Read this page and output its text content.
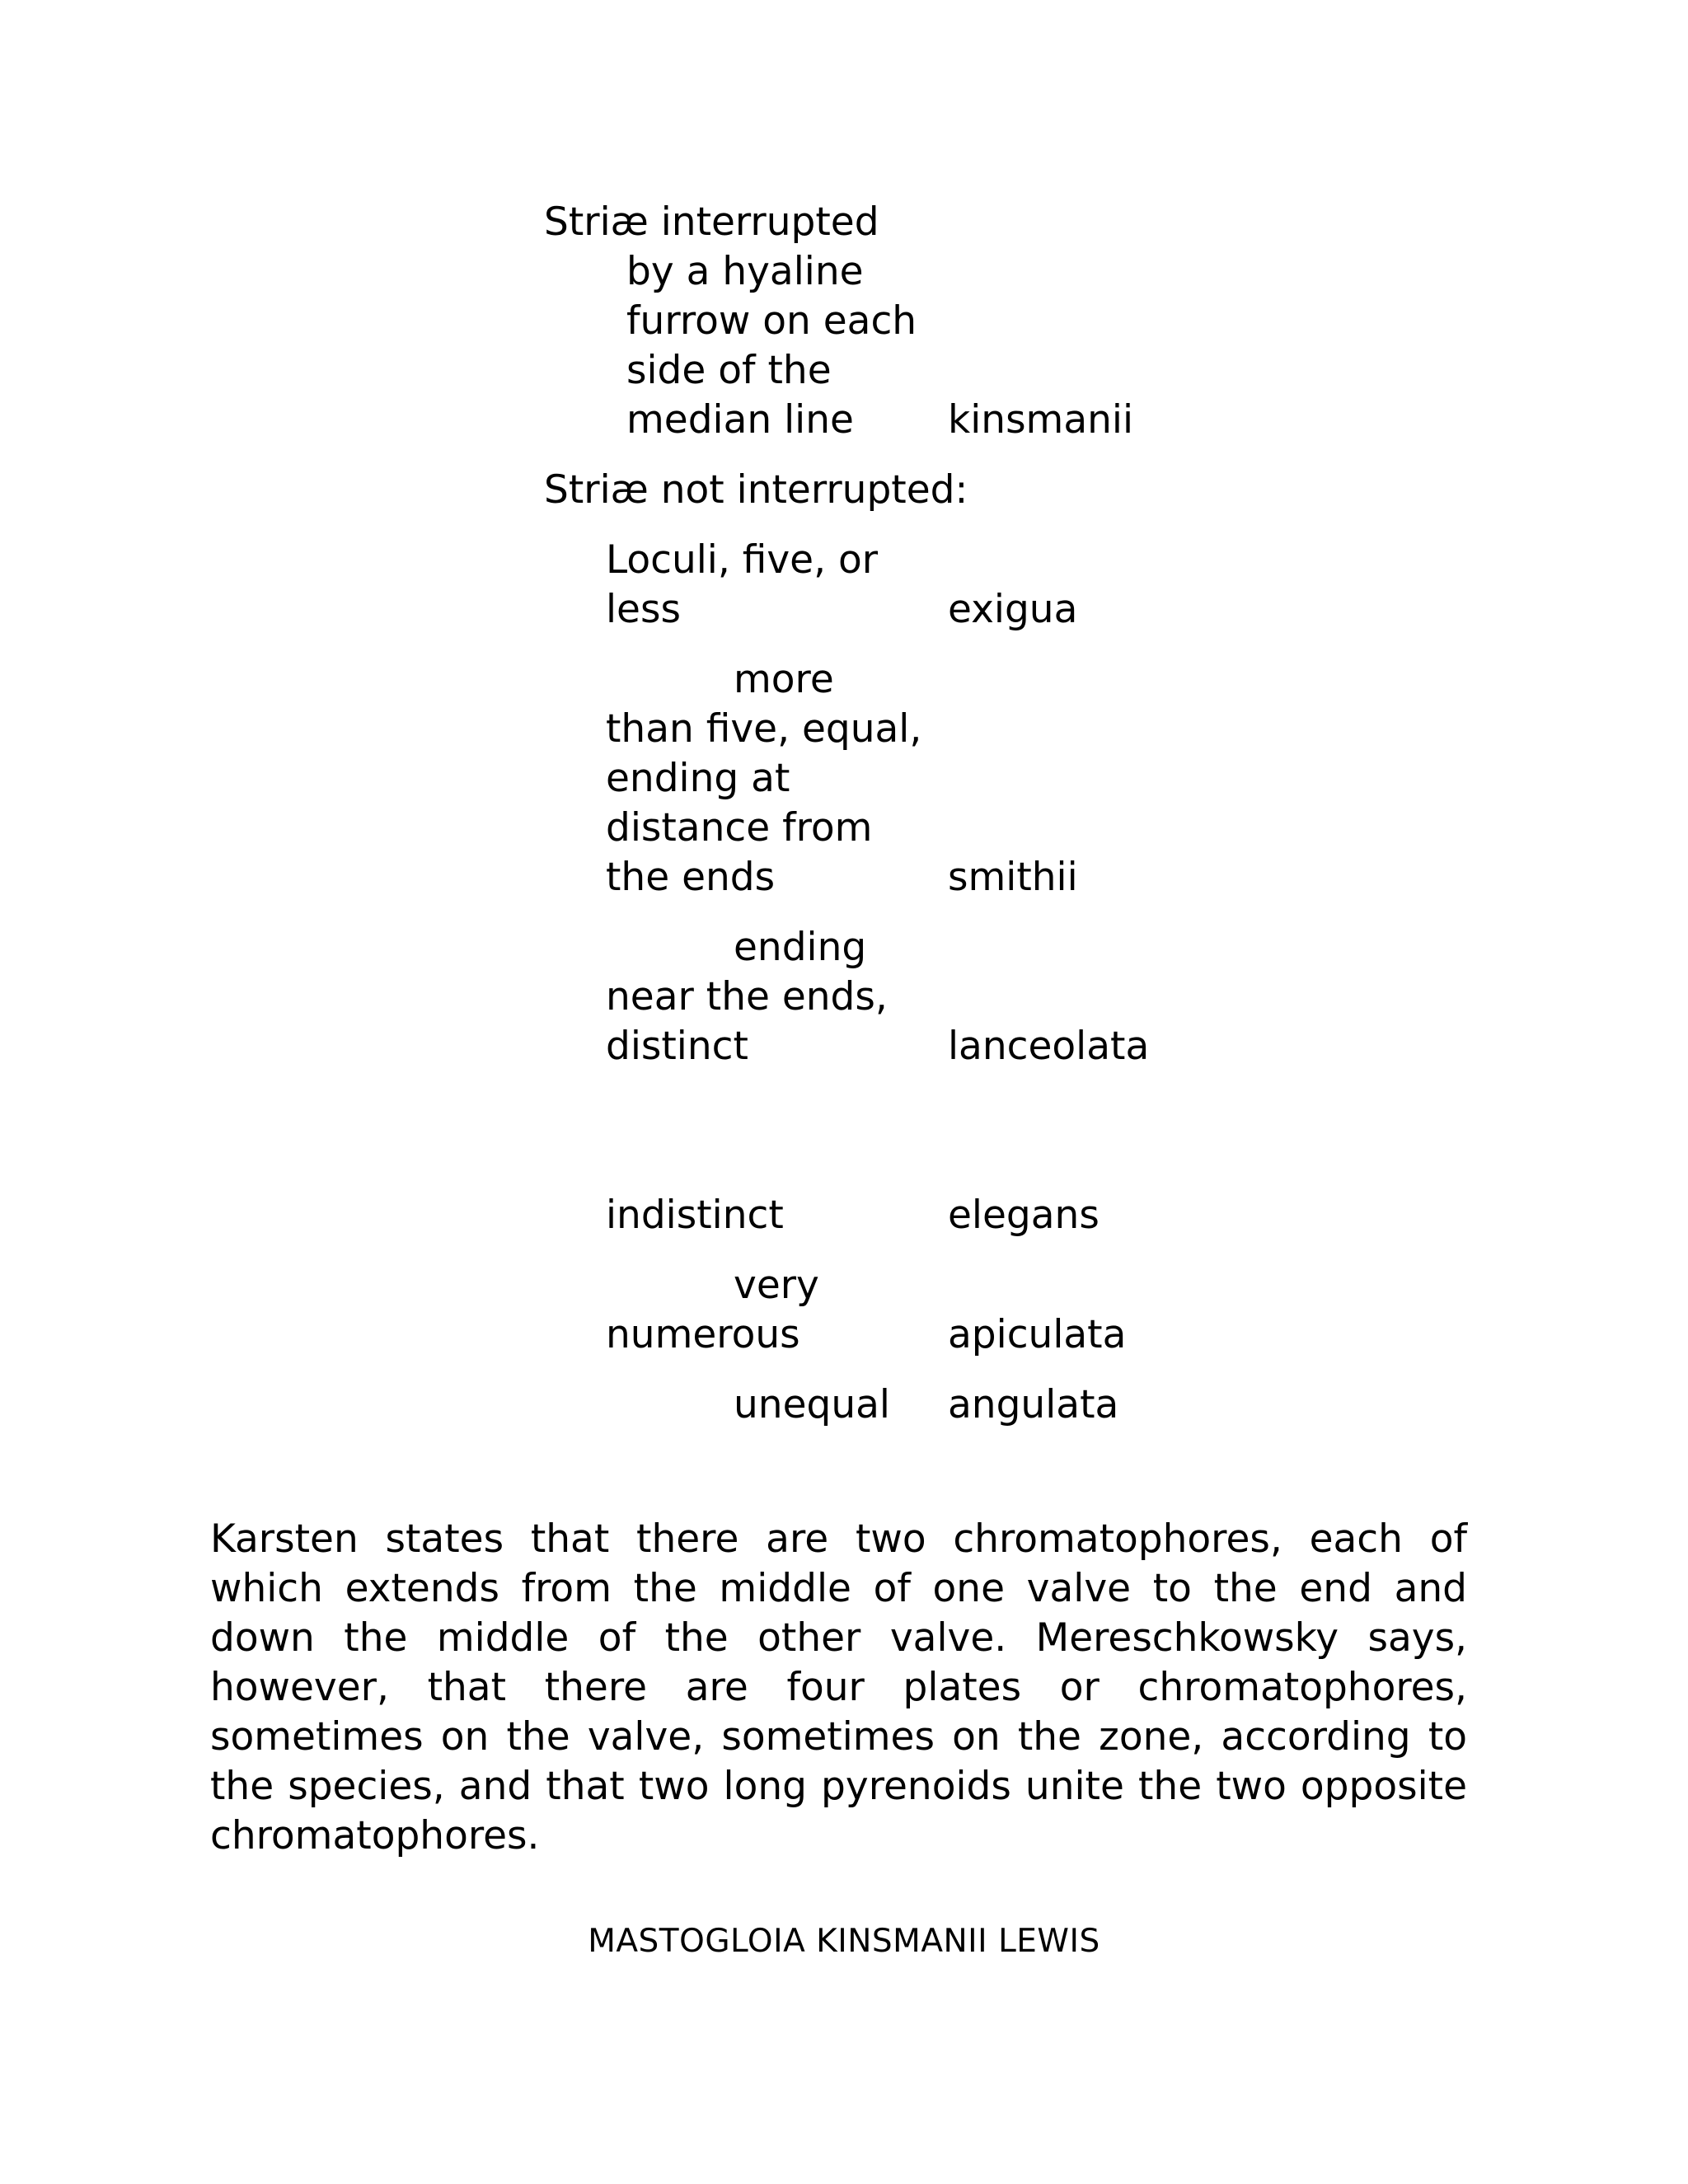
Striæ interrupted

by a hyaline

furrow on each

side of the

median line kinsmanii

Striæ not interrupted:

Loculi, five, or

less	exigua

more

than five, equal,

ending at

distance from

the ends	smithii

ending

near the ends,

distinct	lanceolata

indistinct	elegans

very

numerous	apiculata

unequal angulata

Karsten states that there are two chromatophores, each of which extends from the middle of one valve to the end and down the middle of the other valve. Mereschkowsky says, however, that there are four plates or chromatophores, sometimes on the valve, sometimes on the zone, according to the species, and that two long pyrenoids unite the two opposite chromatophores.

MASTOGLOIA KINSMANII LEWIS
